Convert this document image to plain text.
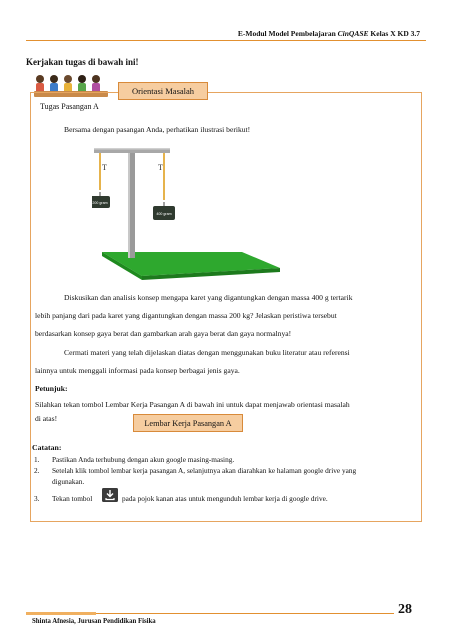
E-Modul Model Pembelajaran CinQASE Kelas X KD 3.7
Kerjakan tugas di bawah ini!
Orientasi Masalah
Tugas Pasangan A
Bersama dengan pasangan Anda, perhatikan ilustrasi berikut!
T	T
200 gram
400 gram
Diskusikan dan analisis konsep mengapa karet yang digantungkan dengan massa 400 g tertarik
lebih panjang dari pada karet yang digantungkan dengan massa 200 kg? Jelaskan peristiwa tersebut
berdasarkan konsep gaya berat dan gambarkan arah gaya berat dan gaya normalnya!
Cermati materi yang telah dijelaskan diatas dengan menggunakan buku literatur atau referensi
lainnya untuk menggali informasi pada konsep berbagai jenis gaya.
Petunjuk:
Silahkan tekan tombol Lembar Kerja Pasangan A di bawah ini untuk dapat menjawab orientasi masalah
di atas!	Lembar Kerja Pasangan A
Catatan:
1. Pastikan Anda terhubung dengan akun google masing-masing.
2. Setelah klik tombol lembar kerja pasangan A, selanjutnya akan diarahkan ke halaman google drive yang
digunakan.
3. Tekan tombol	pada pojok kanan atas untuk mengunduh lembar kerja di google drive.
Shinta Afnesia, Jurusan Pendidikan Fisika
28
